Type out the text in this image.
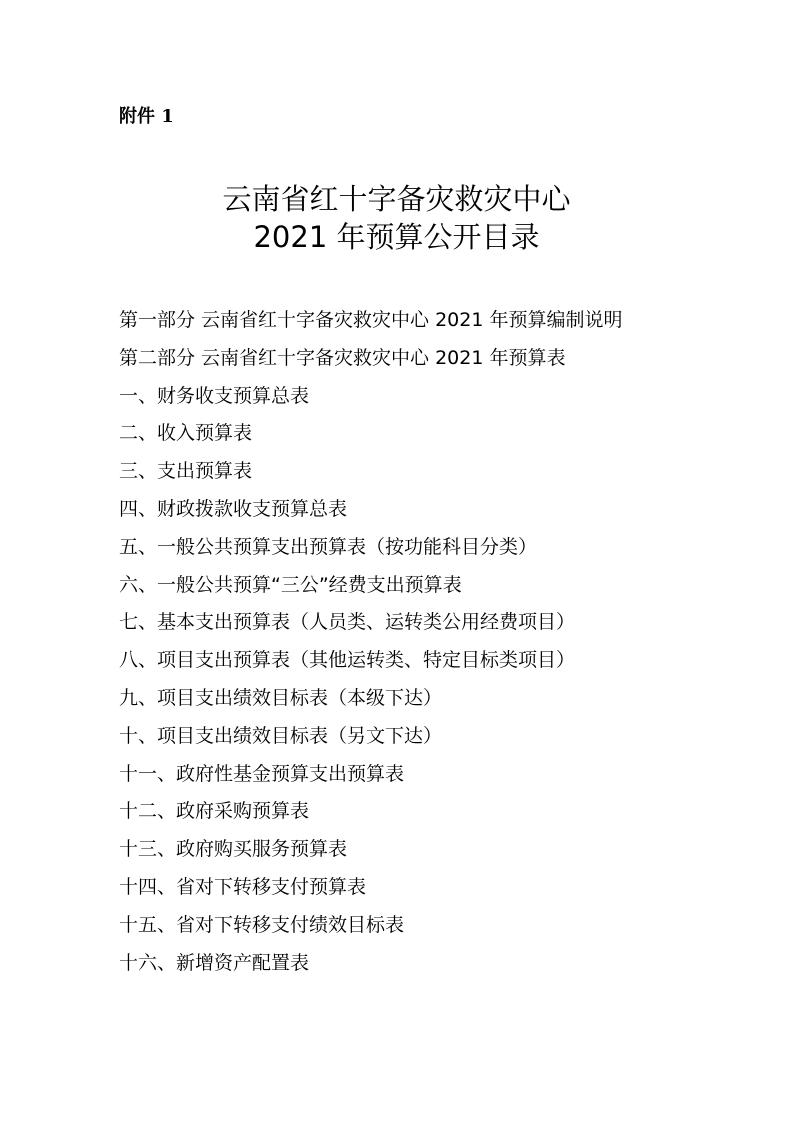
附件 1
云南省红十字备灾救灾中心
2021 年预算公开目录
第一部分 云南省红十字备灾救灾中心 2021 年预算编制说明
第二部分 云南省红十字备灾救灾中心 2021 年预算表
一、财务收支预算总表
二、收入预算表
三、支出预算表
四、财政拨款收支预算总表
五、一般公共预算支出预算表（按功能科目分类）
六、一般公共预算“三公”经费支出预算表
七、基本支出预算表（人员类、运转类公用经费项目）
八、项目支出预算表（其他运转类、特定目标类项目）
九、项目支出绩效目标表（本级下达）
十、项目支出绩效目标表（另文下达）
十一、政府性基金预算支出预算表
十二、政府采购预算表
十三、政府购买服务预算表
十四、省对下转移支付预算表
十五、省对下转移支付绩效目标表
十六、新增资产配置表
